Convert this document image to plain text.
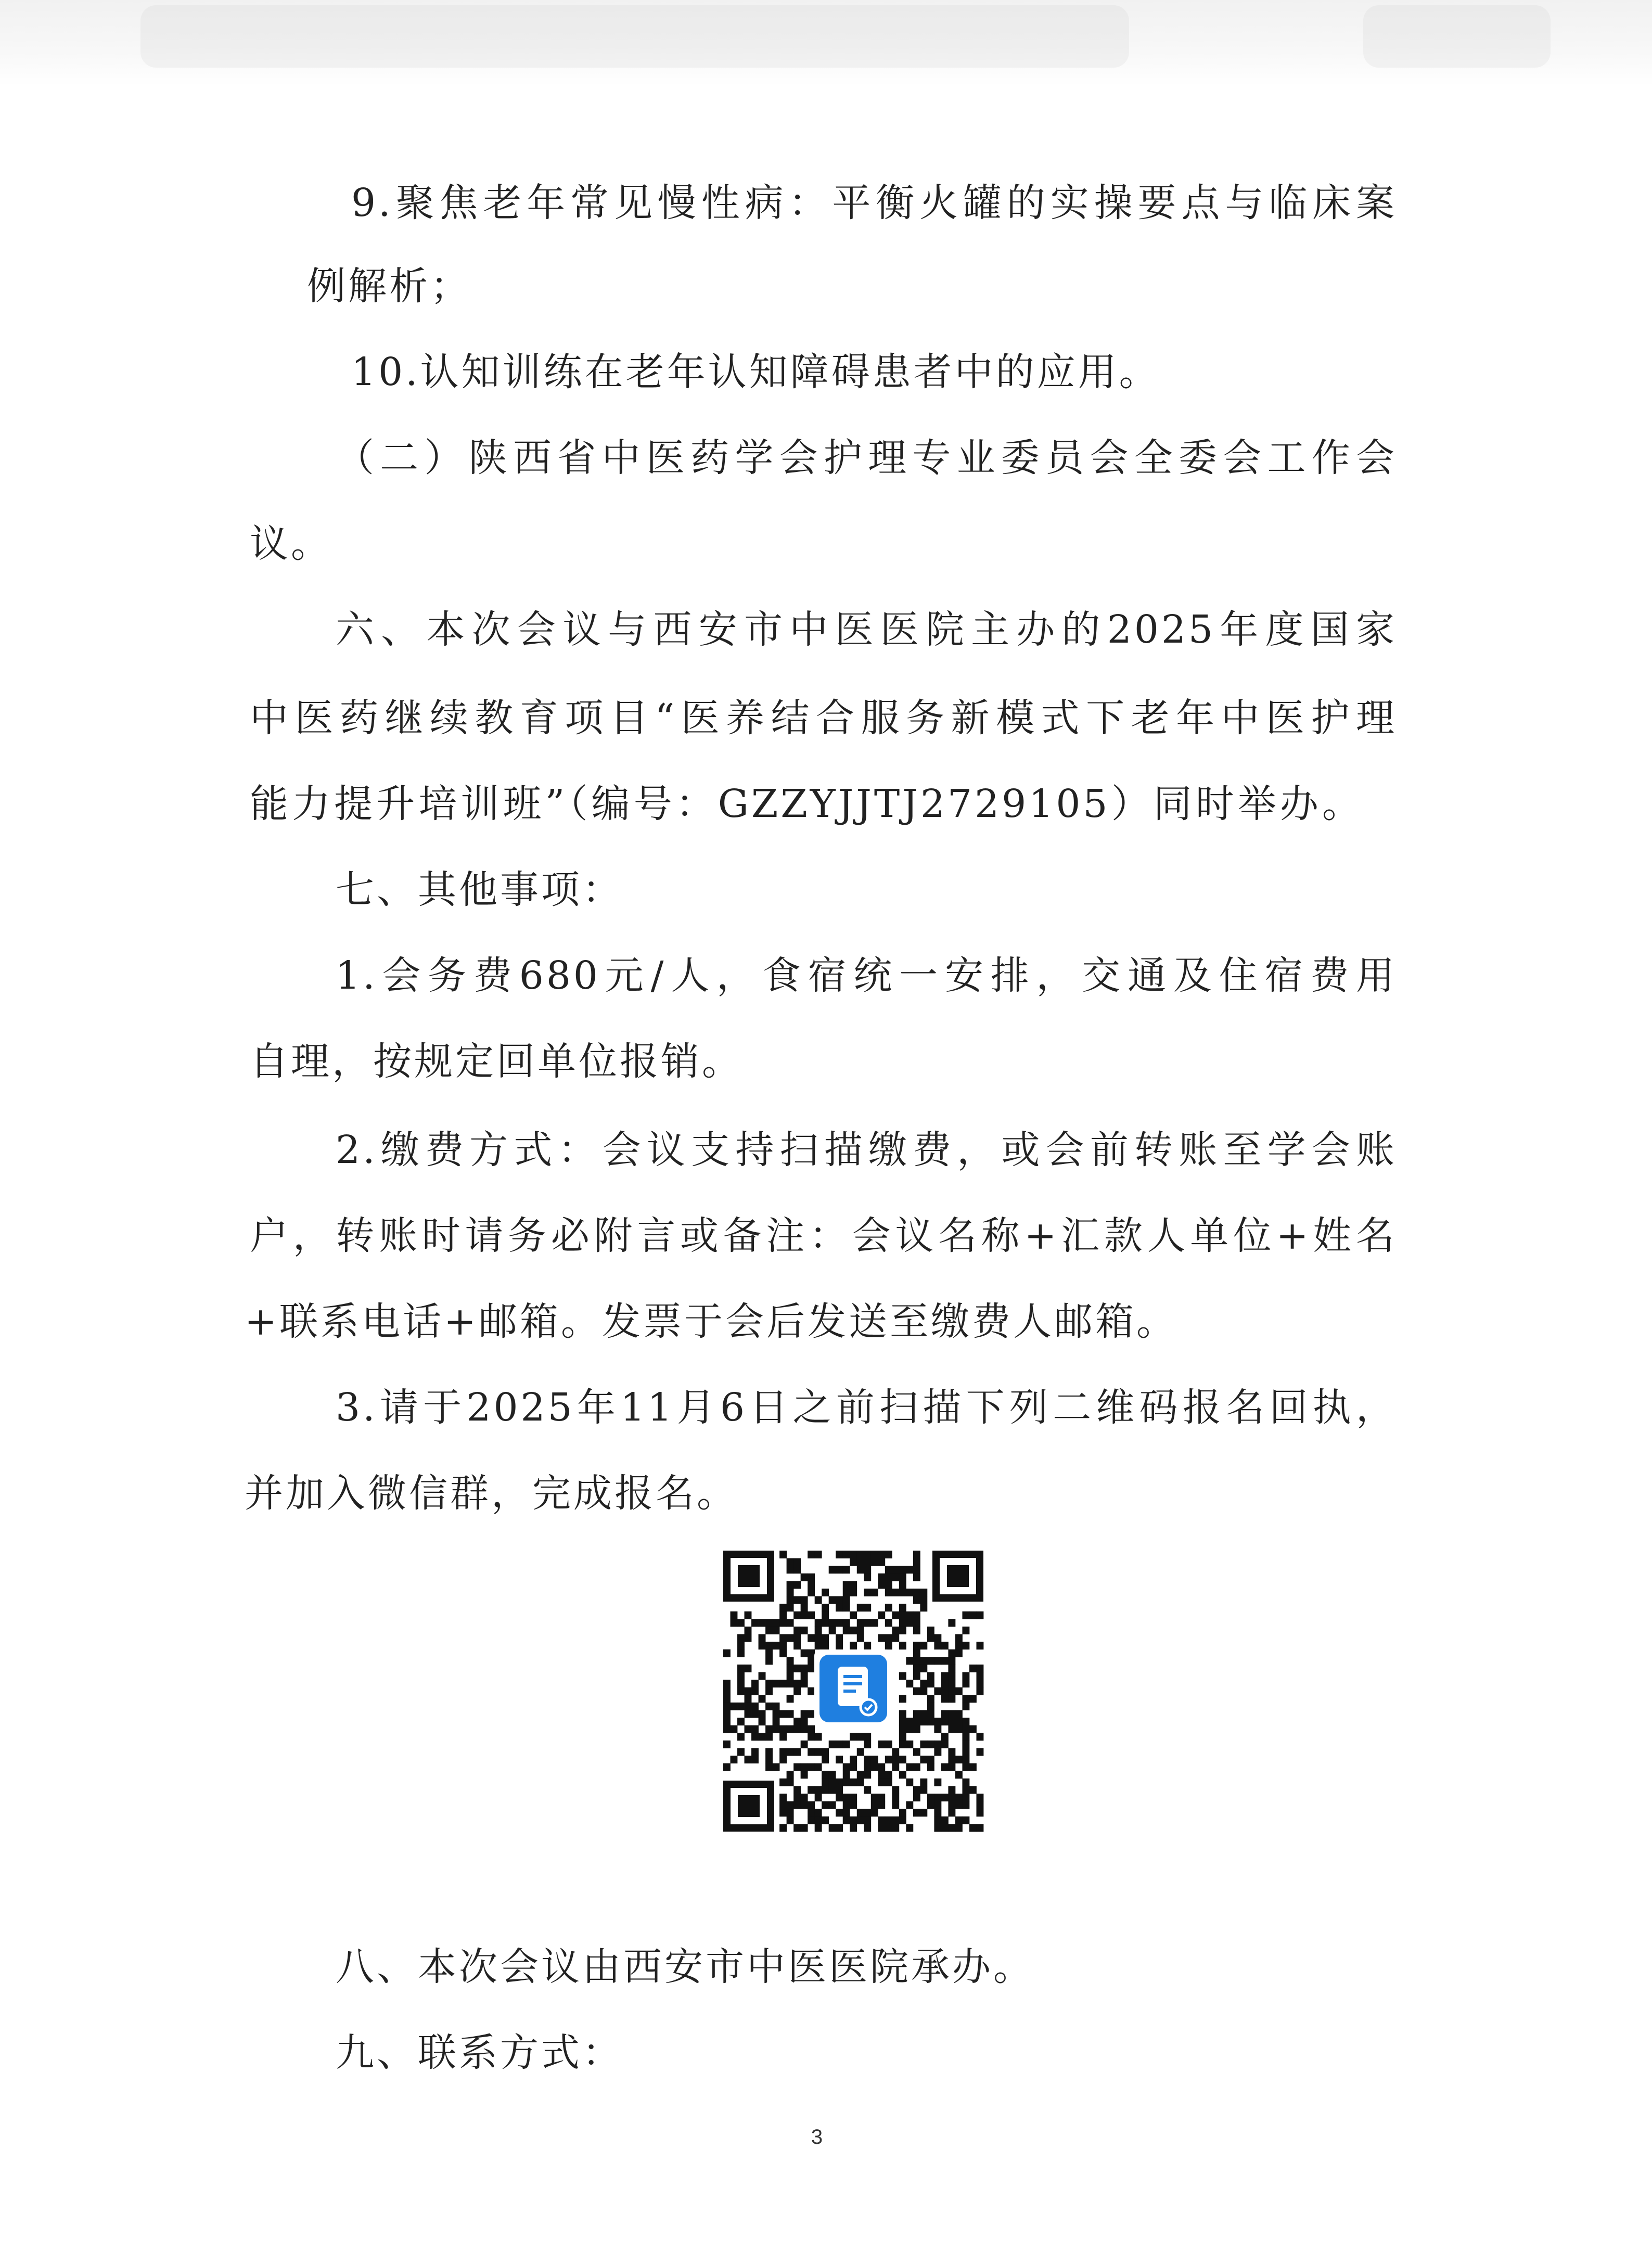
9.聚焦老年常见慢性病：平衡火罐的实操要点与临床案

例解析；

10.认知训练在老年认知障碍患者中的应用。

（二）陕西省中医药学会护理专业委员会全委会工作会

议。

六、本次会议与西安市中医医院主办的2025年度国家

中医药继续教育项目“医养结合服务新模式下老年中医护理

能力提升培训班”（编号：GZZYJJTJ2729105）同时举办。

七、其他事项：

1.会务费680元/人，食宿统一安排，交通及住宿费用

自理，按规定回单位报销。

2.缴费方式：会议支持扫描缴费，或会前转账至学会账

户，转账时请务必附言或备注：会议名称+汇款人单位+姓名

+联系电话+邮箱。发票于会后发送至缴费人邮箱。

3.请于2025年11月6日之前扫描下列二维码报名回执，

并加入微信群，完成报名。

八、本次会议由西安市中医医院承办。

九、联系方式：

3
